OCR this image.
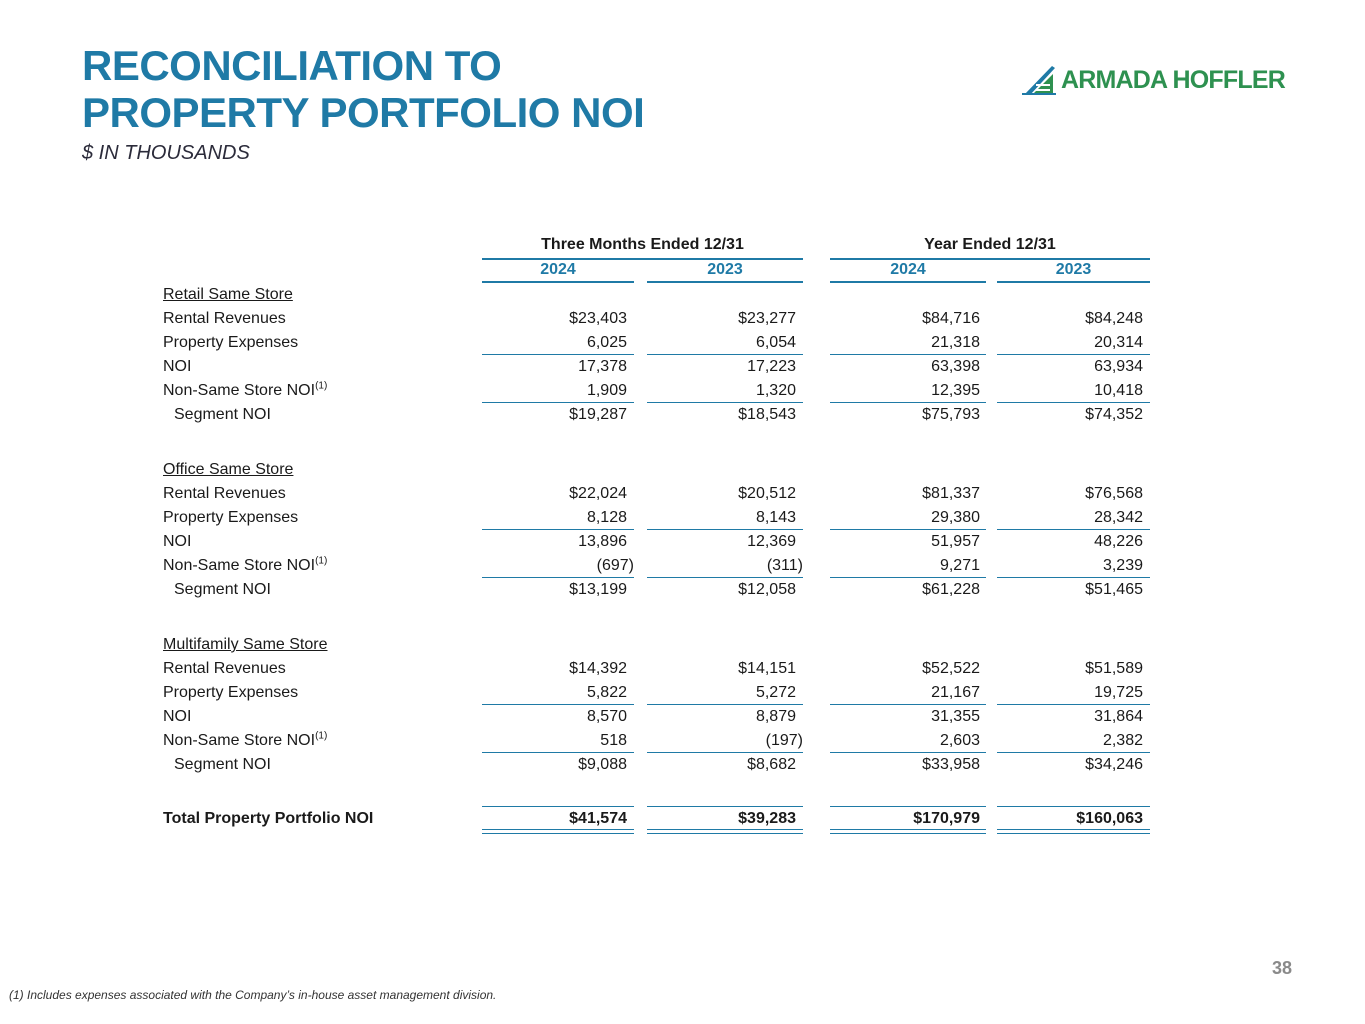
RECONCILIATION TO
PROPERTY PORTFOLIO NOI
$ IN THOUSANDS
ARMADA HOFFLER
Three Months Ended 12/31	Year Ended 12/31
2024	2023	2024	2023
Retail Same Store
Rental Revenues	$23,403	$23,277	$84,716	$84,248
Property Expenses	6,025	6,054	21,318	20,314
NOI	17,378	17,223	63,398	63,934
Non-Same Store NOI$^{(1)}$	1,909	1,320	12,395	10,418
Segment NOI	$19,287	$18,543	$75,793	$74,352
Office Same Store
Rental Revenues	$22,024	$20,512	$81,337	$76,568
Property Expenses	8,128	8,143	29,380	28,342
NOI	13,896	12,369	51,957	48,226
Non-Same Store NOI$^{(1)}$	(697)	(311)	9,271	3,239
Segment NOI	$13,199	$12,058	$61,228	$51,465
Multifamily Same Store
Rental Revenues	$14,392	$14,151	$52,522	$51,589
Property Expenses	5,822	5,272	21,167	19,725
NOI	8,570	8,879	31,355	31,864
Non-Same Store NOI$^{(1)}$	518	(197)	2,603	2,382
Segment NOI	$9,088	$8,682	$33,958	$34,246
Total Property Portfolio NOI	$41,574	$39,283	$170,979	$160,063
38
(1) Includes expenses associated with the Company’s in-house asset management division.
